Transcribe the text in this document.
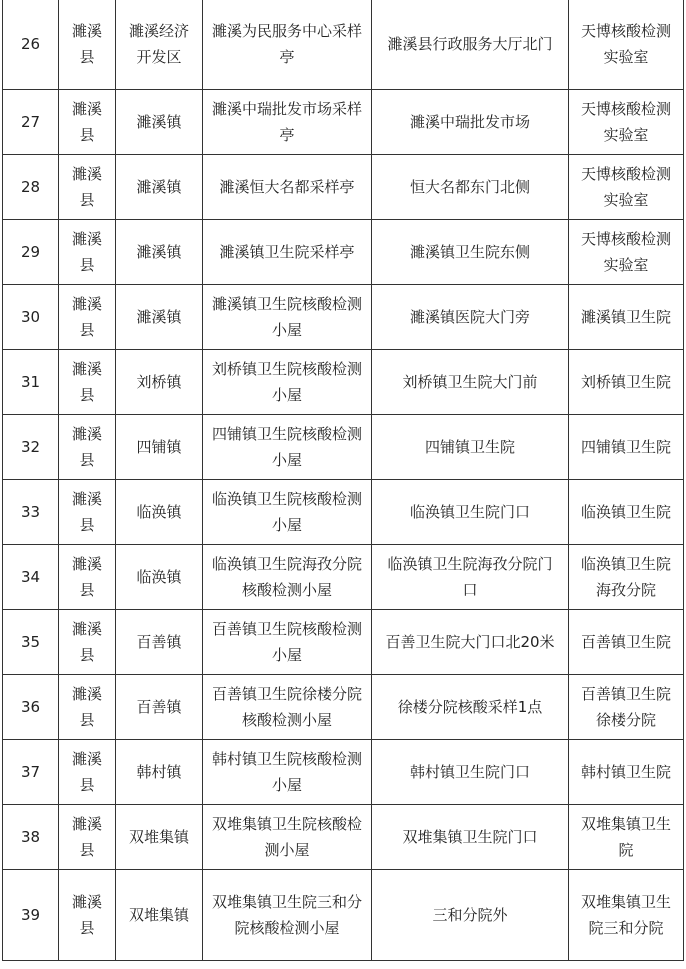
26	濉溪县	濉溪经济开发区	濉溪为民服务中心采样亭	濉溪县行政服务大厅北门	天博核酸检测实验室
27	濉溪县	濉溪镇	濉溪中瑞批发市场采样亭	濉溪中瑞批发市场	天博核酸检测实验室
28	濉溪县	濉溪镇	濉溪恒大名都采样亭	恒大名都东门北侧	天博核酸检测实验室
29	濉溪县	濉溪镇	濉溪镇卫生院采样亭	濉溪镇卫生院东侧	天博核酸检测实验室
30	濉溪县	濉溪镇	濉溪镇卫生院核酸检测小屋	濉溪镇医院大门旁	濉溪镇卫生院
31	濉溪县	刘桥镇	刘桥镇卫生院核酸检测小屋	刘桥镇卫生院大门前	刘桥镇卫生院
32	濉溪县	四铺镇	四铺镇卫生院核酸检测小屋	四铺镇卫生院	四铺镇卫生院
33	濉溪县	临涣镇	临涣镇卫生院核酸检测小屋	临涣镇卫生院门口	临涣镇卫生院
34	濉溪县	临涣镇	临涣镇卫生院海孜分院核酸检测小屋	临涣镇卫生院海孜分院门口	临涣镇卫生院海孜分院
35	濉溪县	百善镇	百善镇卫生院核酸检测小屋	百善卫生院大门口北20米	百善镇卫生院
36	濉溪县	百善镇	百善镇卫生院徐楼分院核酸检测小屋	徐楼分院核酸采样1点	百善镇卫生院徐楼分院
37	濉溪县	韩村镇	韩村镇卫生院核酸检测小屋	韩村镇卫生院门口	韩村镇卫生院
38	濉溪县	双堆集镇	双堆集镇卫生院核酸检测小屋	双堆集镇卫生院门口	双堆集镇卫生院
39	濉溪县	双堆集镇	双堆集镇卫生院三和分院核酸检测小屋	三和分院外	双堆集镇卫生院三和分院
